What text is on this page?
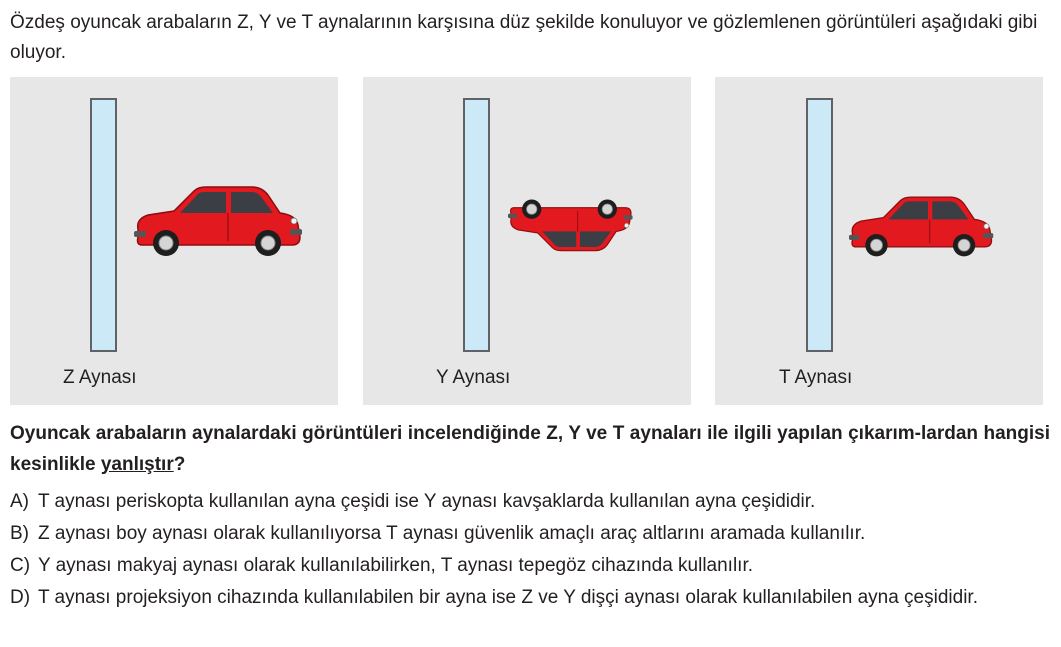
Özdeş oyuncak arabaların Z, Y ve T aynalarının karşısına düz şekilde konuluyor ve gözlemlenen görüntüleri aşağıdaki gibi oluyor.

Z Aynası	Y Aynası	T Aynası

Oyuncak arabaların aynalardaki görüntüleri incelendiğinde Z, Y ve T aynaları ile ilgili yapılan çıkarım-lardan hangisi kesinlikle yanlıştır?

A) T aynası periskopta kullanılan ayna çeşidi ise Y aynası kavşaklarda kullanılan ayna çeşididir.
B) Z aynası boy aynası olarak kullanılıyorsa T aynası güvenlik amaçlı araç altlarını aramada kullanılır.
C) Y aynası makyaj aynası olarak kullanılabilirken, T aynası tepegöz cihazında kullanılır.
D) T aynası projeksiyon cihazında kullanılabilen bir ayna ise Z ve Y dişçi aynası olarak kullanılabilen ayna çeşididir.
